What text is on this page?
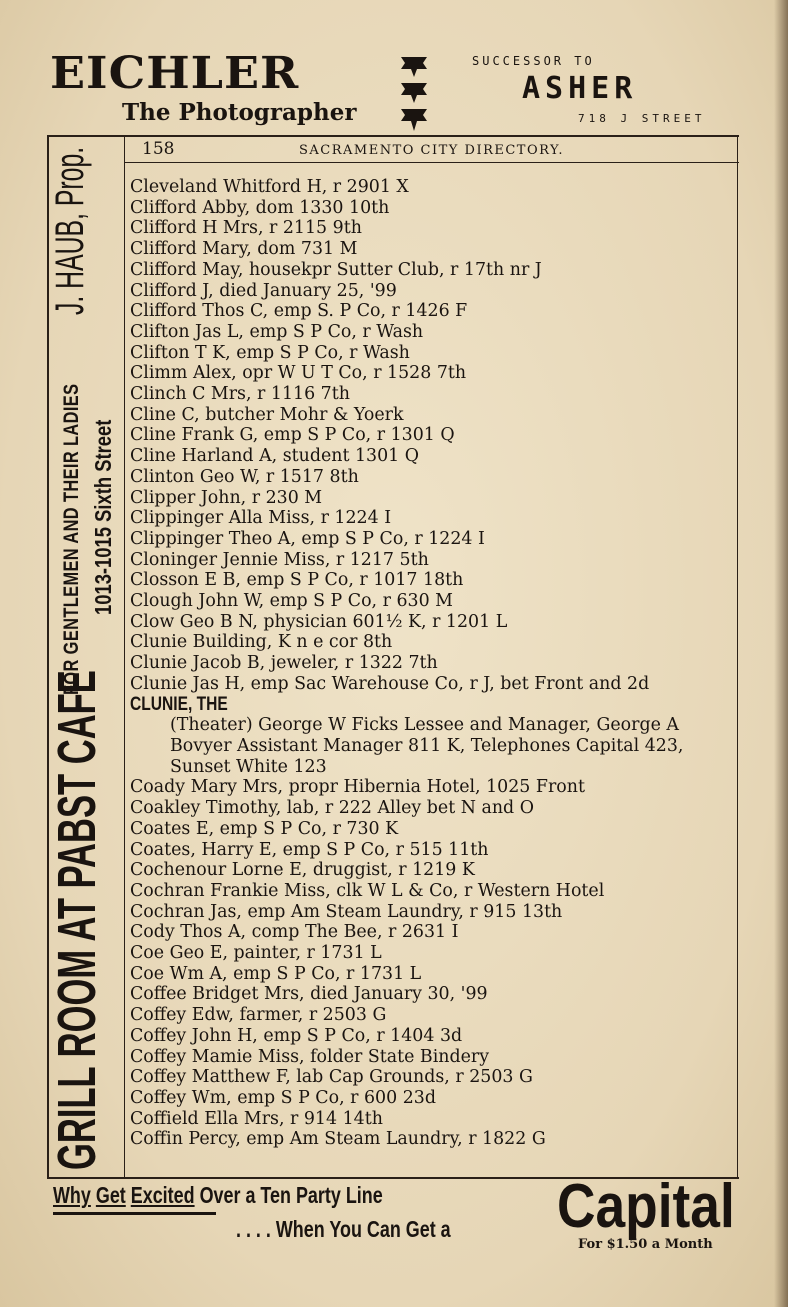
EICHLER
The Photographer
SUCCESSOR TO
ASHER
718 J STREET
158	SACRAMENTO CITY DIRECTORY.
GRILL ROOM AT PABST CAFE
FOR GENTLEMEN AND THEIR LADIES 1013-1015 Sixth Street
J. HAUB, Prop. Cleveland Whitford H, r 2901 X
Clifford Abby, dom 1330 10th
Clifford H Mrs, r 2115 9th
Clifford Mary, dom 731 M
Clifford May, housekpr Sutter Club, r 17th nr J
Clifford J, died January 25, '99
Clifford Thos C, emp S. P Co, r 1426 F
Clifton Jas L, emp S P Co, r Wash
Clifton T K, emp S P Co, r Wash
Climm Alex, opr W U T Co, r 1528 7th
Clinch C Mrs, r 1116 7th
Cline C, butcher Mohr & Yoerk
Cline Frank G, emp S P Co, r 1301 Q
Cline Harland A, student 1301 Q
Clinton Geo W, r 1517 8th
Clipper John, r 230 M
Clippinger Alla Miss, r 1224 I
Clippinger Theo A, emp S P Co, r 1224 I
Cloninger Jennie Miss, r 1217 5th
Closson E B, emp S P Co, r 1017 18th
Clough John W, emp S P Co, r 630 M
Clow Geo B N, physician 601½ K, r 1201 L
Clunie Building, K n e cor 8th
Clunie Jacob B, jeweler, r 1322 7th
Clunie Jas H, emp Sac Warehouse Co, r J, bet Front and 2d
CLUNIE, THE
(Theater) George W Ficks Lessee and Manager, George A
Bovyer Assistant Manager 811 K, Telephones Capital 423,
Sunset White 123
Coady Mary Mrs, propr Hibernia Hotel, 1025 Front
Coakley Timothy, lab, r 222 Alley bet N and O
Coates E, emp S P Co, r 730 K
Coates, Harry E, emp S P Co, r 515 11th
Cochenour Lorne E, druggist, r 1219 K
Cochran Frankie Miss, clk W L & Co, r Western Hotel
Cochran Jas, emp Am Steam Laundry, r 915 13th
Cody Thos A, comp The Bee, r 2631 I
Coe Geo E, painter, r 1731 L
Coe Wm A, emp S P Co, r 1731 L
Coffee Bridget Mrs, died January 30, '99
Coffey Edw, farmer, r 2503 G
Coffey John H, emp S P Co, r 1404 3d
Coffey Mamie Miss, folder State Bindery
Coffey Matthew F, lab Cap Grounds, r 2503 G
Coffey Wm, emp S P Co, r 600 23d
Coffield Ella Mrs, r 914 14th
Coffin Percy, emp Am Steam Laundry, r 1822 G
Why Get Excited Over a Ten Party Line
. . . . When You Can Get a Capital
For $1.50 a Month
